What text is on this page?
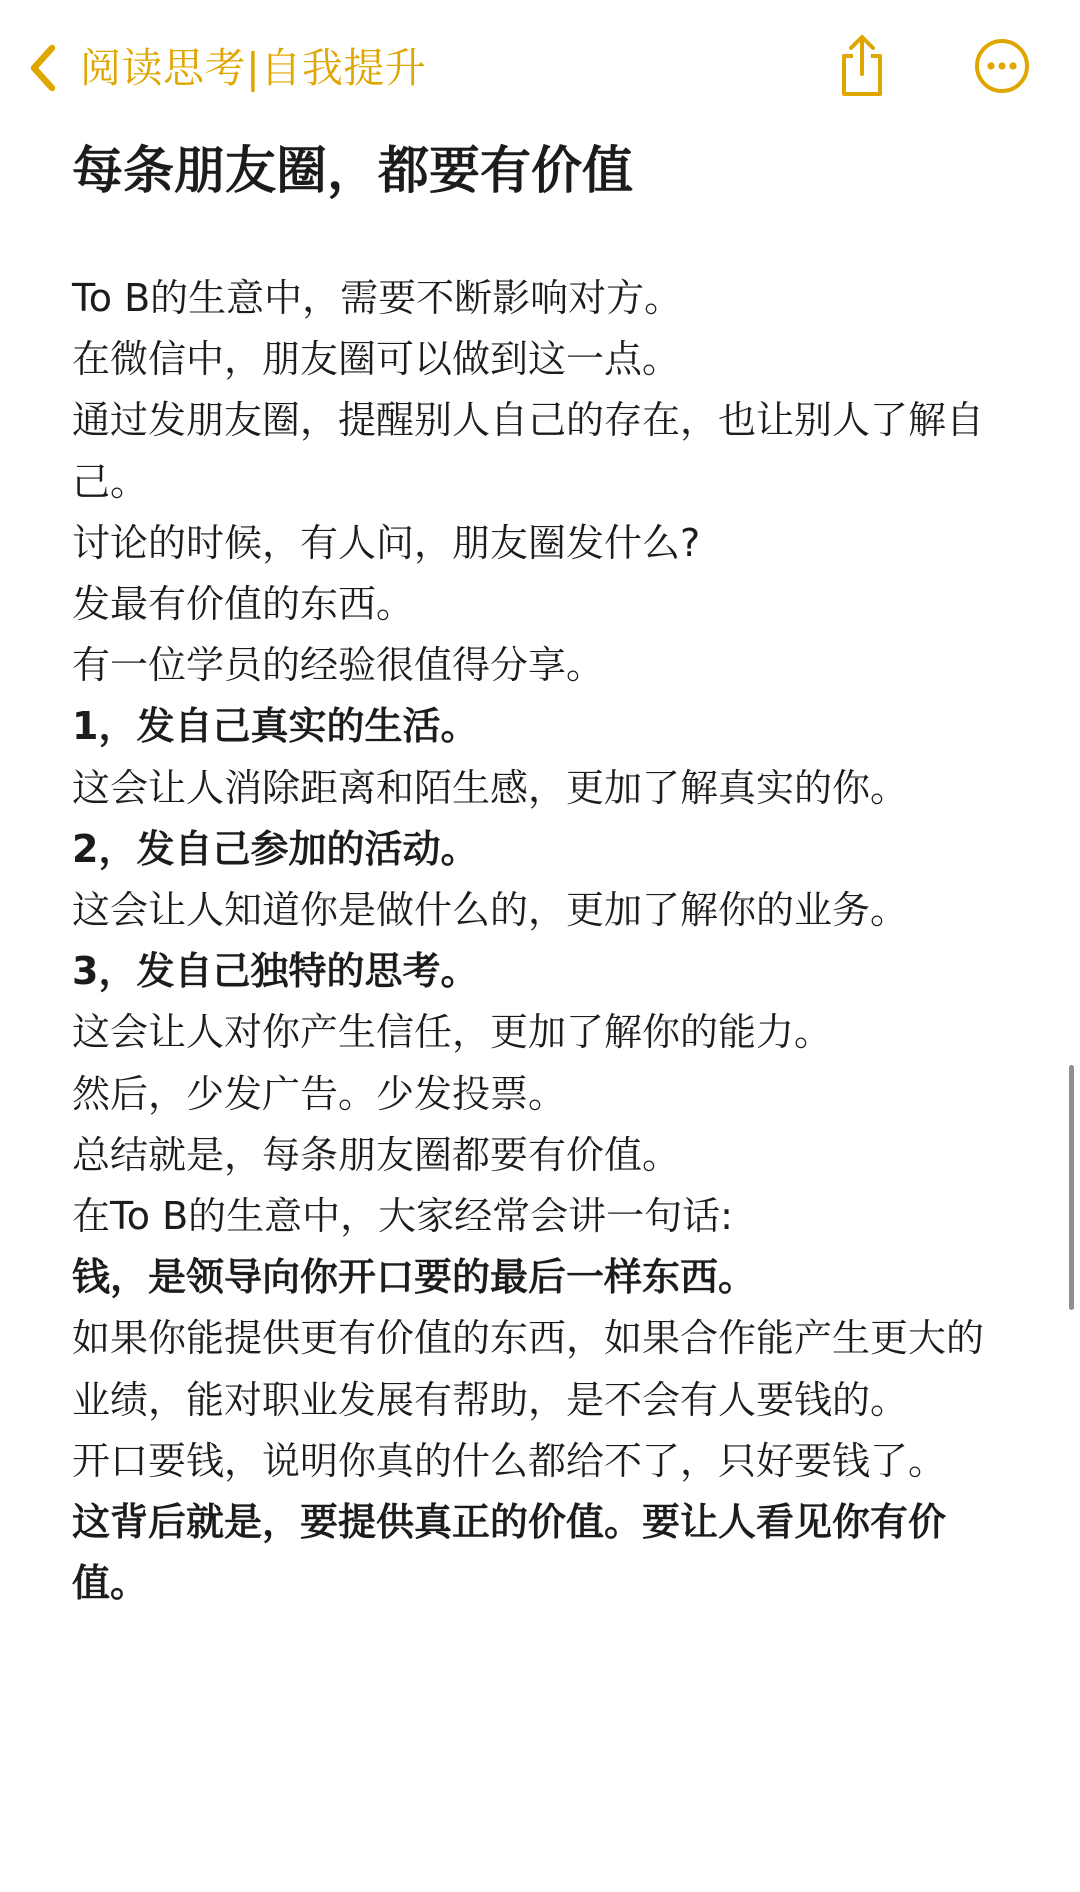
阅读思考|自我提升
每条朋友圈，都要有价值
To B的生意中，需要不断影响对方。
在微信中，朋友圈可以做到这一点。
通过发朋友圈，提醒别人自己的存在，也让别人了解自己。
讨论的时候，有人问，朋友圈发什么?
发最有价值的东西。
有一位学员的经验很值得分享。
1，发自己真实的生活。
这会让人消除距离和陌生感，更加了解真实的你。
2，发自己参加的活动。
这会让人知道你是做什么的，更加了解你的业务。
3，发自己独特的思考。
这会让人对你产生信任，更加了解你的能力。
然后，少发广告。少发投票。
总结就是，每条朋友圈都要有价值。
在To B的生意中，大家经常会讲一句话:
钱，是领导向你开口要的最后一样东西。
如果你能提供更有价值的东西，如果合作能产生更大的业绩，能对职业发展有帮助，是不会有人要钱的。
开口要钱，说明你真的什么都给不了，只好要钱了。
这背后就是，要提供真正的价值。要让人看见你有价值。
